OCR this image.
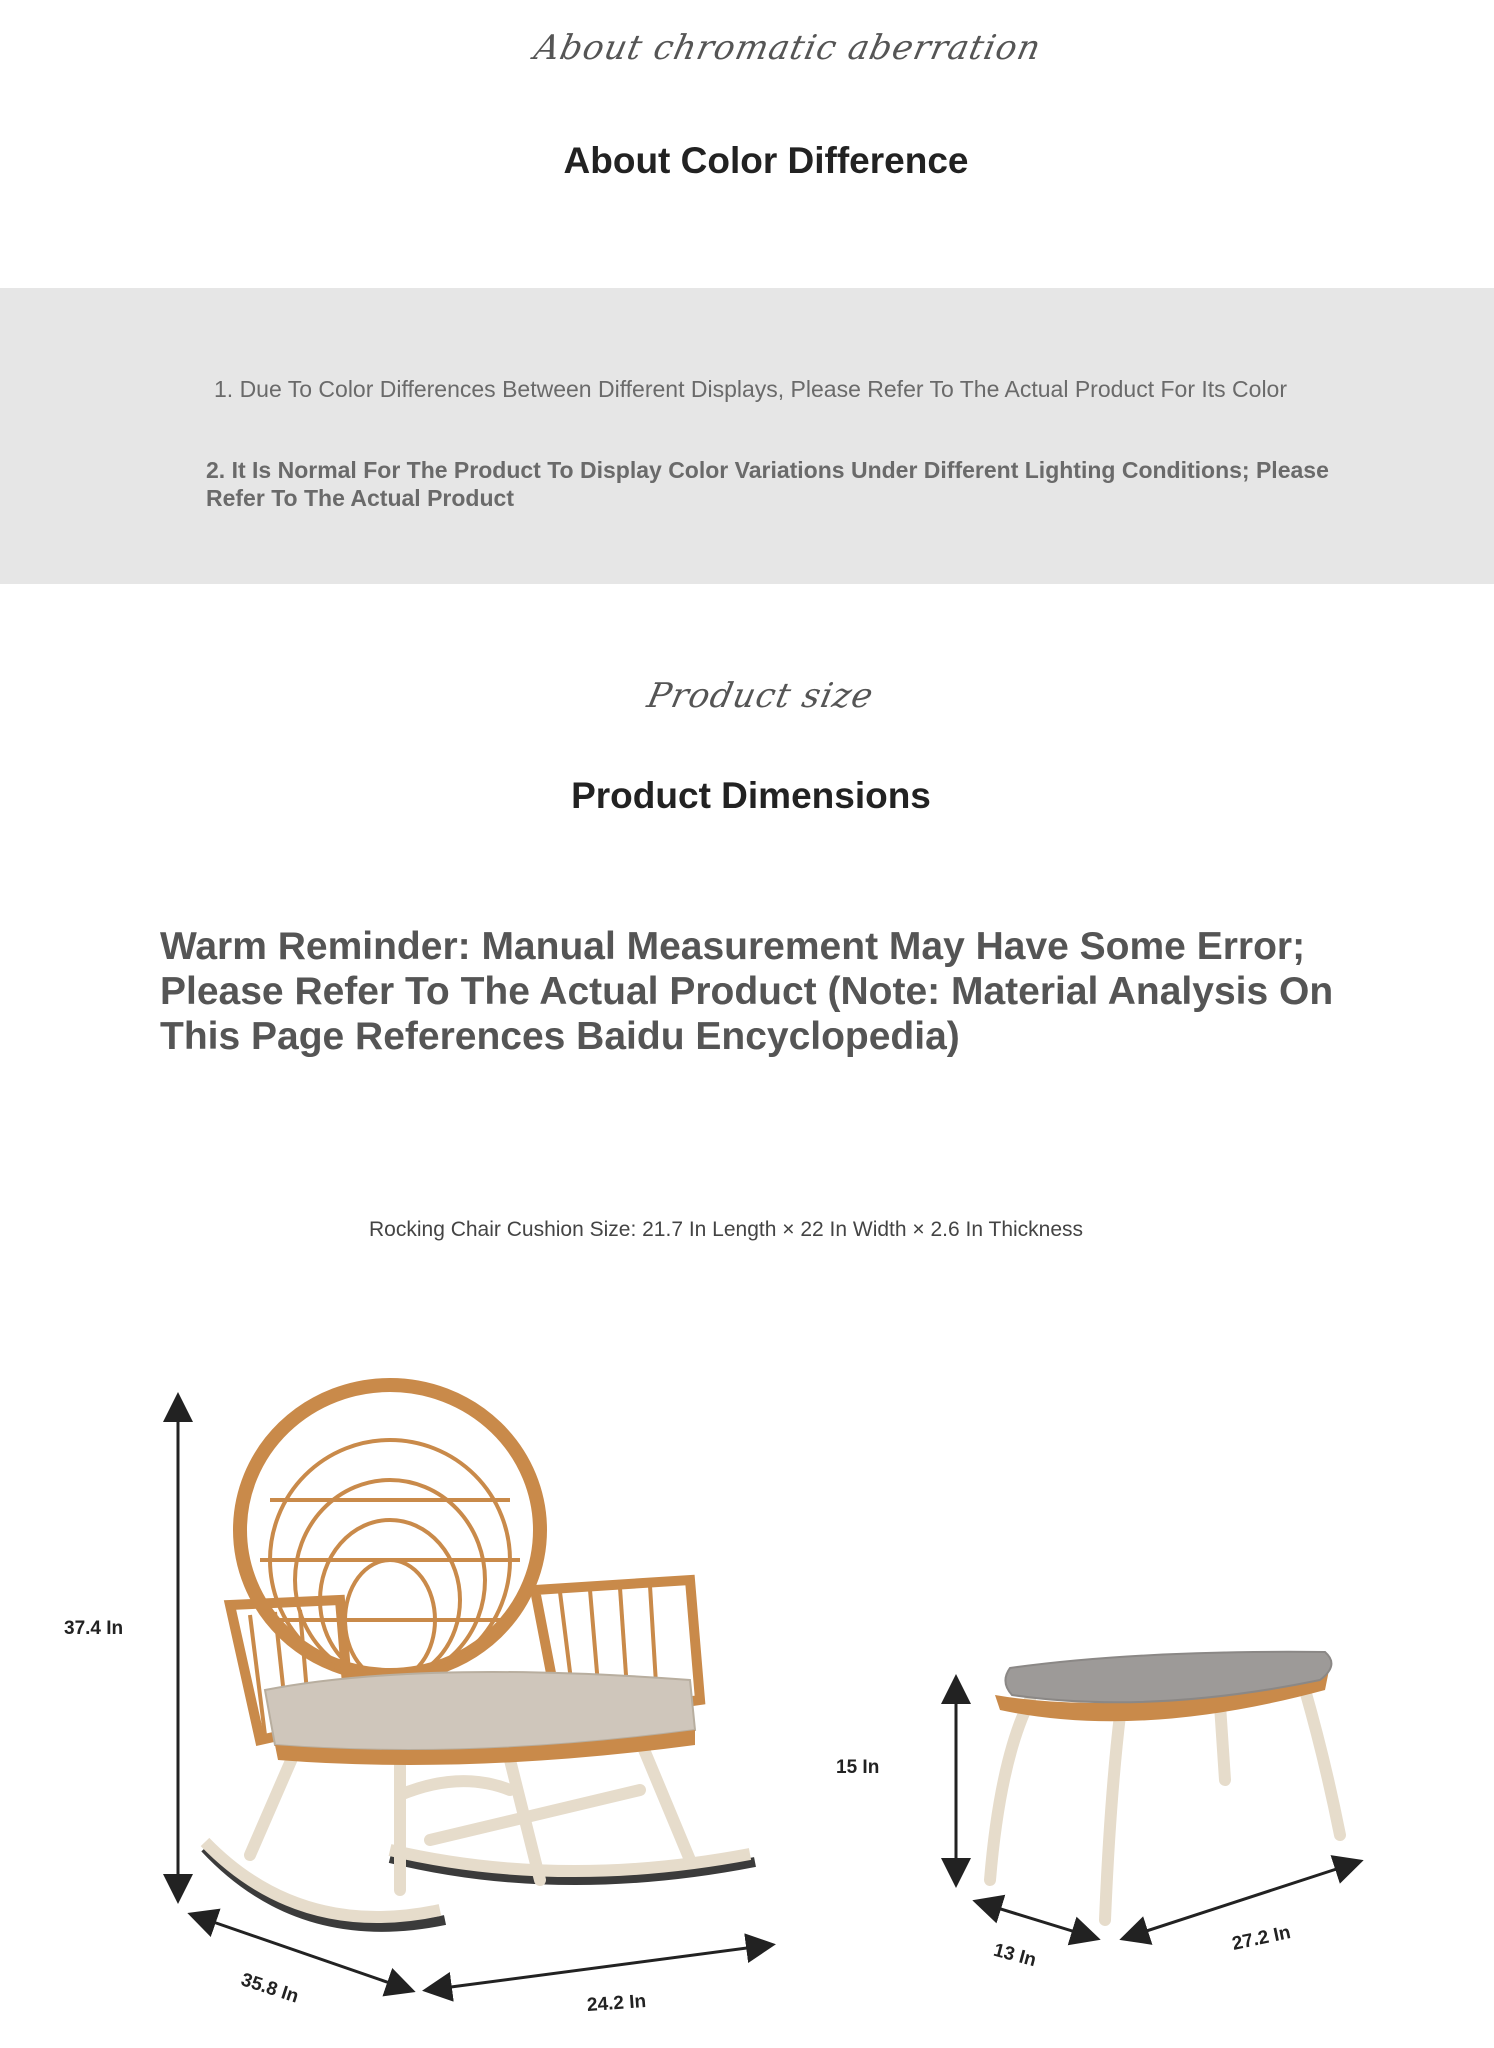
About chromatic aberration
About Color Difference
1. Due To Color Differences Between Different Displays, Please Refer To The Actual Product For Its Color
2. It Is Normal For The Product To Display Color Variations Under Different Lighting Conditions; Please Refer To The Actual Product
Product size
Product Dimensions
Warm Reminder: Manual Measurement May Have Some Error; Please Refer To The Actual Product (Note: Material Analysis On This Page References Baidu Encyclopedia)
Rocking Chair Cushion Size: 21.7 In Length × 22 In Width × 2.6 In Thickness
37.4 In
35.8 In	24.2 In
15 In
13 In
27.2 In
